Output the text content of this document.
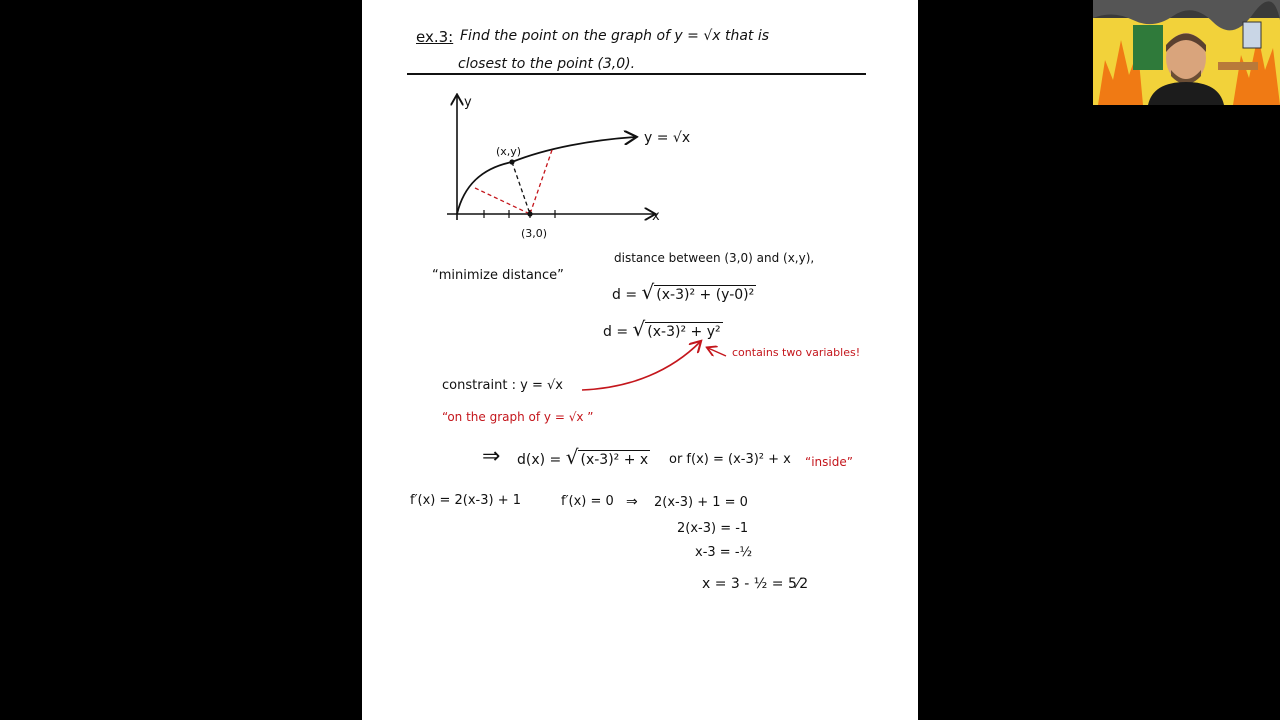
ex.3: Find the point on the graph of y = √x that is
closest to the point (3,0).
y
x
y = √x
(x,y)
(3,0)
“minimize distance”
distance between (3,0) and (x,y),
d = √ (x-3)² + (y-0)²
d = √ (x-3)² + y²
contains two variables!
constraint : y = √x
“on the graph of y = √x ”
⇒ d(x) = √ (x-3)² + x or f(x) = (x-3)² + x “inside”
f′(x) = 2(x-3) + 1	f′(x) = 0 ⇒ 2(x-3) + 1 = 0
2(x-3) = -1
x-3 = -½
x = 3 - ½ = 5⁄2
